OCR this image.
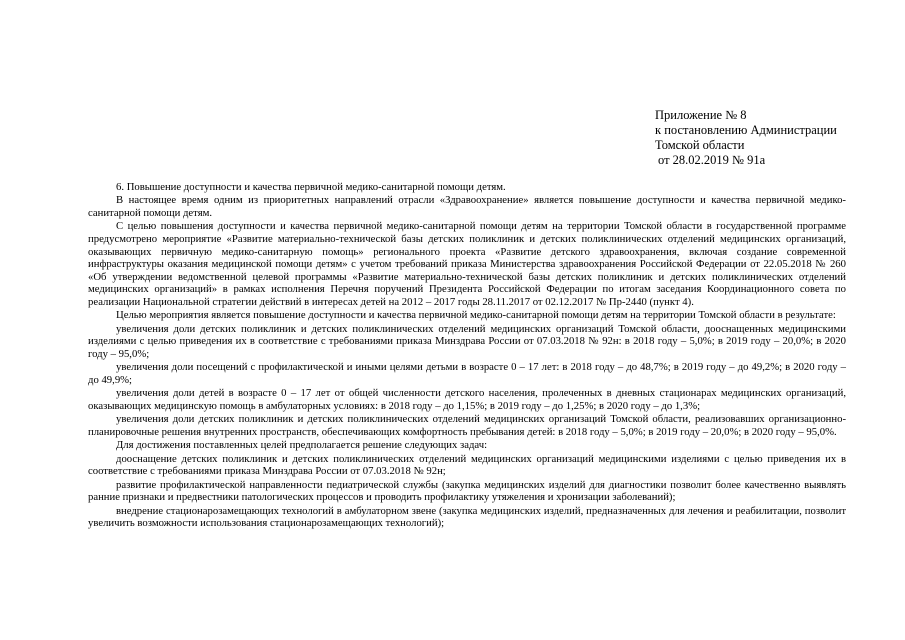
Приложение № 8
к постановлению Администрации
Томской области
от 28.02.2019 № 91а

6. Повышение доступности и качества первичной медико-санитарной помощи детям.

В настоящее время одним из приоритетных направлений отрасли «Здравоохранение» является повышение доступности и качества первичной медико-санитарной помощи детям.

С целью повышения доступности и качества первичной медико-санитарной помощи детям на территории Томской области в государственной программе предусмотрено мероприятие «Развитие материально-технической базы детских поликлиник и детских поликлинических отделений медицинских организаций, оказывающих первичную медико-санитарную помощь» регионального проекта «Развитие детского здравоохранения, включая создание современной инфраструктуры оказания медицинской помощи детям» с учетом требований приказа Министерства здравоохранения Российской Федерации от 22.05.2018 № 260 «Об утверждении ведомственной целевой программы «Развитие материально-технической базы детских поликлиник и детских поликлинических отделений медицинских организаций» в рамках исполнения Перечня поручений Президента Российской Федерации по итогам заседания Координационного совета по реализации Национальной стратегии действий в интересах детей на 2012 – 2017 годы 28.11.2017 от 02.12.2017 № Пр-2440 (пункт 4).

Целью мероприятия является повышение доступности и качества первичной медико-санитарной помощи детям на территории Томской области в результате:

увеличения доли детских поликлиник и детских поликлинических отделений медицинских организаций Томской области, дооснащенных медицинскими изделиями с целью приведения их в соответствие с требованиями приказа Минздрава России от 07.03.2018 № 92н: в 2018 году – 5,0%; в 2019 году – 20,0%; в 2020 году – 95,0%;

увеличения доли посещений с профилактической и иными целями детьми в возрасте 0 – 17 лет: в 2018 году – до 48,7%; в 2019 году – до 49,2%; в 2020 году – до 49,9%;

увеличения доли детей в возрасте 0 – 17 лет от общей численности детского населения, пролеченных в дневных стационарах медицинских организаций, оказывающих медицинскую помощь в амбулаторных условиях: в 2018 году – до 1,15%; в 2019 году – до 1,25%; в 2020 году – до 1,3%;

увеличения доли детских поликлиник и детских поликлинических отделений медицинских организаций Томской области, реализовавших организационно-планировочные решения внутренних пространств, обеспечивающих комфортность пребывания детей: в 2018 году – 5,0%; в 2019 году – 20,0%; в 2020 году – 95,0%.

Для достижения поставленных целей предполагается решение следующих задач:

дооснащение детских поликлиник и детских поликлинических отделений медицинских организаций медицинскими изделиями с целью приведения их в соответствие с требованиями приказа Минздрава России от 07.03.2018 № 92н;

развитие профилактической направленности педиатрической службы (закупка медицинских изделий для диагностики позволит более качественно выявлять ранние признаки и предвестники патологических процессов и проводить профилактику утяжеления и хронизации заболеваний);

внедрение стационарозамещающих технологий в амбулаторном звене (закупка медицинских изделий, предназначенных для лечения и реабилитации, позволит увеличить возможности использования стационарозамещающих технологий);
